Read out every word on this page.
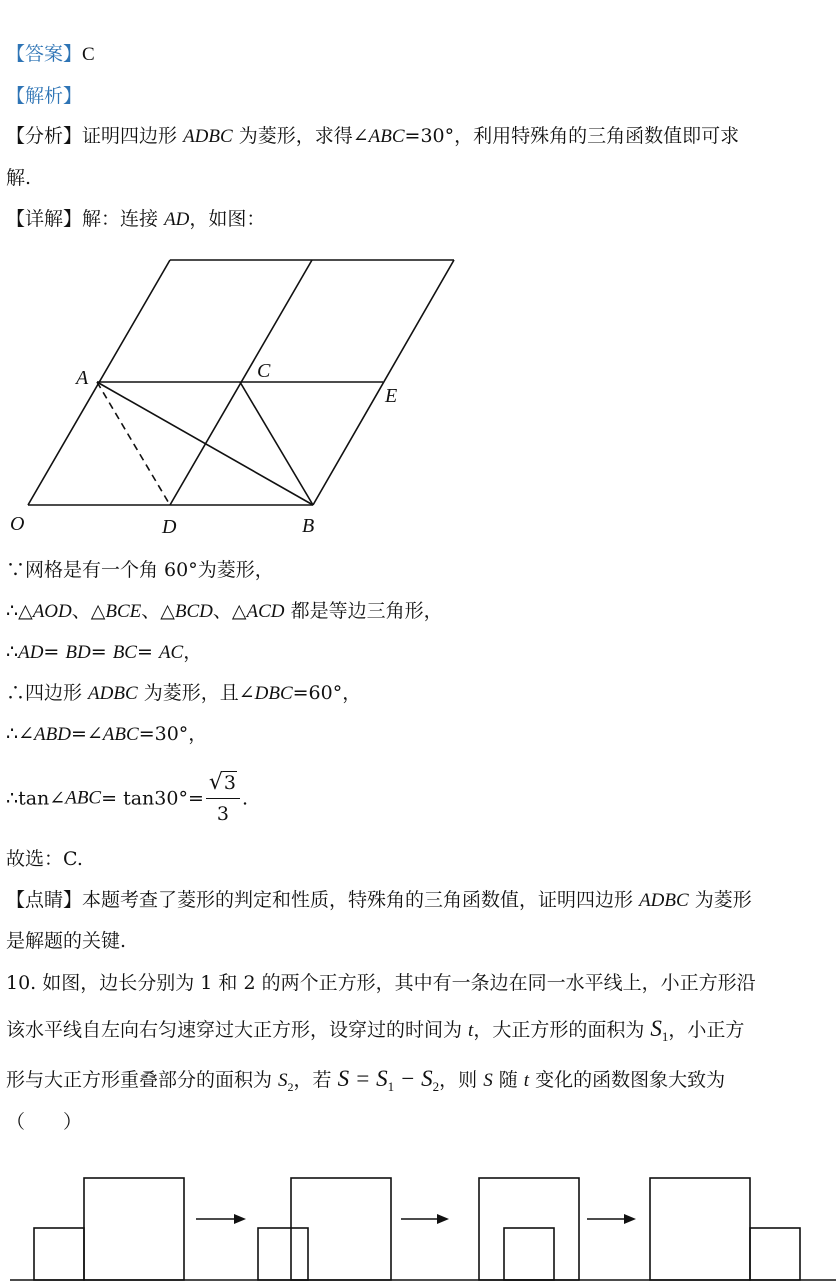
【答案】C
【解析】
【分析】证明四边形 ADBC 为菱形，求得∠ABC=30°，利用特殊角的三角函数值即可求
解.
【详解】解：连接 AD，如图：
A	C
E
O	D	B
∵网格是有一个角 60°为菱形，
∴△AOD、△BCE、△BCD、△ACD 都是等边三角形，
∴AD= BD= BC= AC，
∴四边形 ADBC 为菱形，且∠DBC=60°，
∴∠ABD=∠ABC=30°，
∴tan∠ABC= $\tan 30^\circ= \frac{√3}{3}$ .
故选：C.
【点睛】本题考查了菱形的判定和性质，特殊角的三角函数值，证明四边形 ADBC 为菱形
是解题的关键.
10. 如图，边长分别为 1 和 2 的两个正方形，其中有一条边在同一水平线上，小正方形沿
该水平线自左向右匀速穿过大正方形，设穿过的时间为 t，大正方形的面积为 $S_1$，小正方
形与大正方形重叠部分的面积为 $S_2$，若 $S = S_1 - S_2$，则 S 随 t 变化的函数图象大致为
（　　）
